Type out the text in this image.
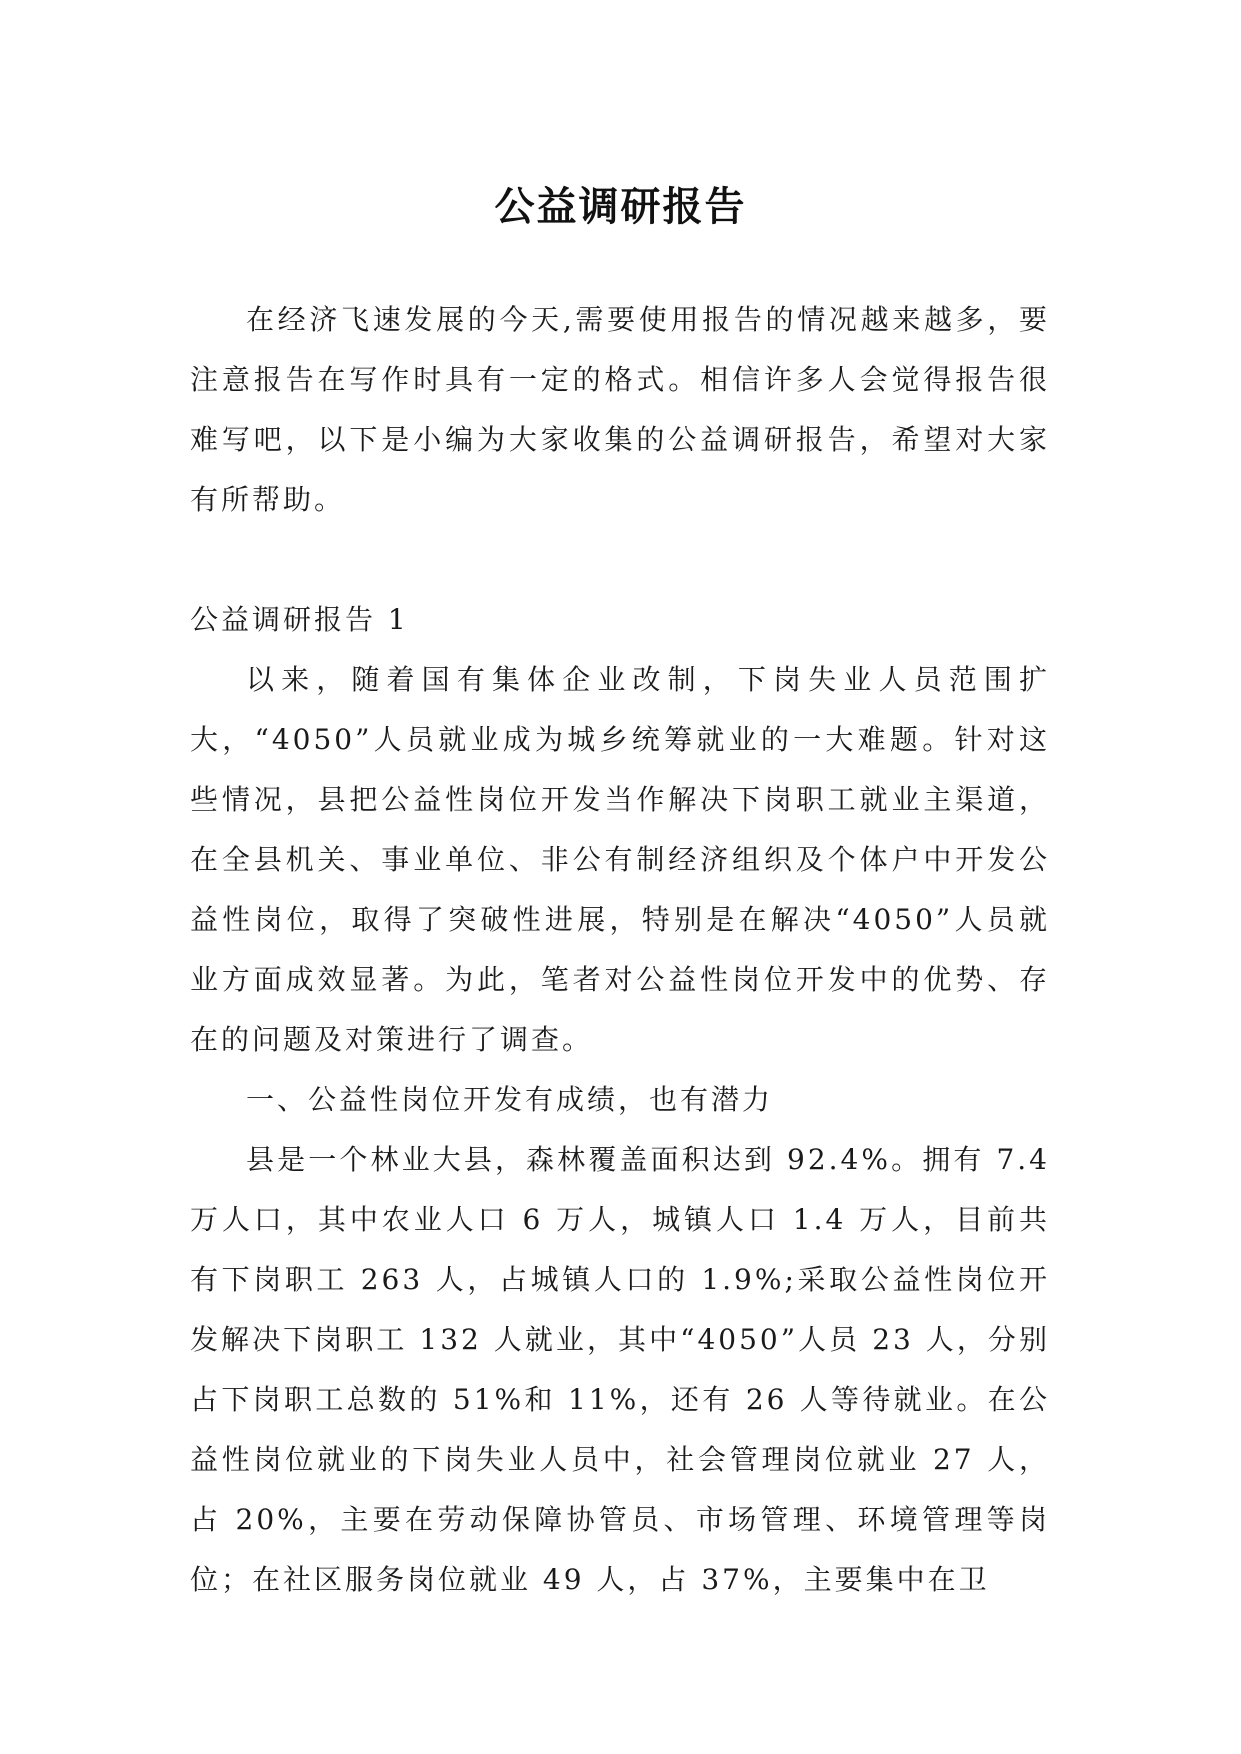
公益调研报告

在经济飞速发展的今天,需要使用报告的情况越来越多，要注意报告在写作时具有一定的格式。相信许多人会觉得报告很难写吧，以下是小编为大家收集的公益调研报告，希望对大家有所帮助。

公益调研报告 1

以来，随着国有集体企业改制，下岗失业人员范围扩大，“4050”人员就业成为城乡统筹就业的一大难题。针对这些情况，县把公益性岗位开发当作解决下岗职工就业主渠道，在全县机关、事业单位、非公有制经济组织及个体户中开发公益性岗位，取得了突破性进展，特别是在解决“4050”人员就业方面成效显著。为此，笔者对公益性岗位开发中的优势、存在的问题及对策进行了调查。

一、公益性岗位开发有成绩，也有潜力

县是一个林业大县，森林覆盖面积达到 92.4%。拥有 7.4 万人口，其中农业人口 6 万人，城镇人口 1.4 万人，目前共有下岗职工 263 人，占城镇人口的 1.9%;采取公益性岗位开发解决下岗职工 132 人就业，其中“4050”人员 23 人，分别占下岗职工总数的 51%和 11%，还有 26 人等待就业。在公益性岗位就业的下岗失业人员中，社会管理岗位就业 27 人，占 20%，主要在劳动保障协管员、市场管理、环境管理等岗位；在社区服务岗位就业 49 人，占 37%，主要集中在卫
